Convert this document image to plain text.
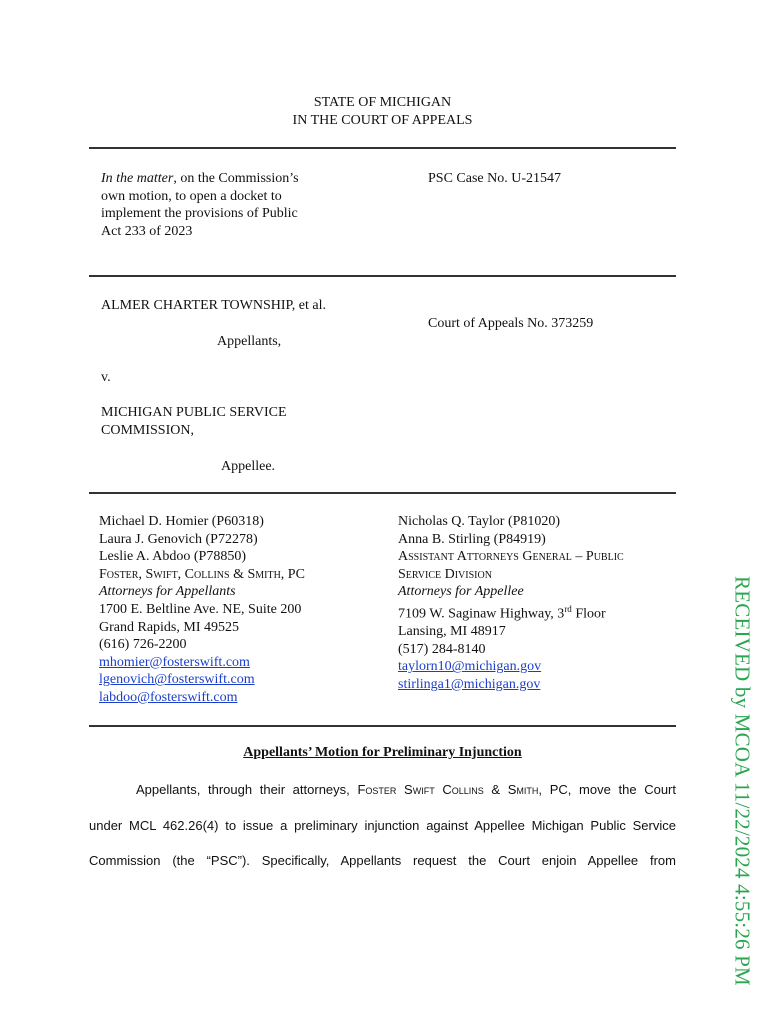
STATE OF MICHIGAN
IN THE COURT OF APPEALS
In the matter, on the Commission’s
own motion, to open a docket to
implement the provisions of Public
Act 233 of 2023
PSC Case No. U-21547
ALMER CHARTER TOWNSHIP, et al.
Court of Appeals No. 373259
Appellants,
v.
MICHIGAN PUBLIC SERVICE
COMMISSION,
Appellee.
Michael D. Homier (P60318)
Laura J. Genovich (P72278)
Leslie A. Abdoo (P78850)
Foster, Swift, Collins & Smith, PC
Attorneys for Appellants
1700 E. Beltline Ave. NE, Suite 200
Grand Rapids, MI 49525
(616) 726-2200
mhomier@fosterswift.com
lgenovich@fosterswift.com
labdoo@fosterswift.com
Nicholas Q. Taylor (P81020)
Anna B. Stirling (P84919)
Assistant Attorneys General – Public
Service Division
Attorneys for Appellee
7109 W. Saginaw Highway, 3rd Floor
Lansing, MI 48917
(517) 284-8140
taylorn10@michigan.gov
stirlinga1@michigan.gov
Appellants’ Motion for Preliminary Injunction
Appellants, through their attorneys, Foster Swift Collins & Smith, PC, move the Court
under MCL 462.26(4) to issue a preliminary injunction against Appellee Michigan Public Service
Commission (the “PSC”). Specifically, Appellants request the Court enjoin Appellee from	RECEIVED by MCOA 11/22/2024 4:55:26 PM
